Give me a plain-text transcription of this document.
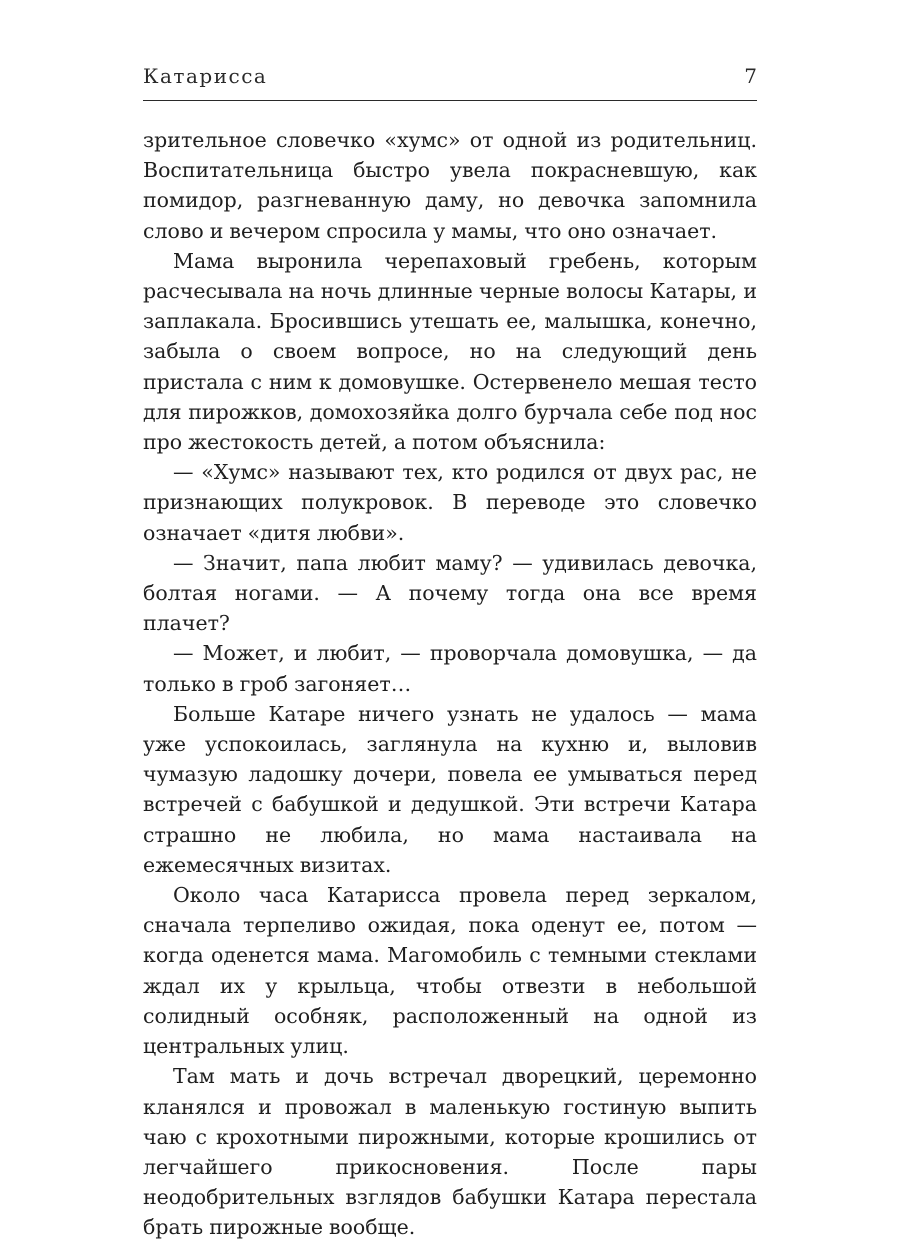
Катарисса	7

зрительное словечко «хумс» от одной из родительниц. Воспитательница быстро увела покрасневшую, как помидор, разгневанную даму, но девочка запомнила слово и вечером спросила у мамы, что оно означает.

Мама выронила черепаховый гребень, которым расчесывала на ночь длинные черные волосы Катары, и заплакала. Бросившись утешать ее, малышка, конечно, забыла о своем вопросе, но на следующий день пристала с ним к домовушке. Остервенело мешая тесто для пирожков, домохозяйка долго бурчала себе под нос про жестокость детей, а потом объяснила:

— «Хумс» называют тех, кто родился от двух рас, не признающих полукровок. В переводе это словечко означает «дитя любви».

— Значит, папа любит маму? — удивилась девочка, болтая ногами. — А почему тогда она все время плачет?

— Может, и любит, — проворчала домовушка, — да только в гроб загоняет…

Больше Катаре ничего узнать не удалось — мама уже успокоилась, заглянула на кухню и, выловив чумазую ладошку дочери, повела ее умываться перед встречей с бабушкой и дедушкой. Эти встречи Катара страшно не любила, но мама настаивала на ежемесячных визитах.

Около часа Катарисса провела перед зеркалом, сначала терпеливо ожидая, пока оденут ее, потом — когда оденется мама. Магомобиль с темными стеклами ждал их у крыльца, чтобы отвезти в небольшой солидный особняк, расположенный на одной из центральных улиц.

Там мать и дочь встречал дворецкий, церемонно кланялся и провожал в маленькую гостиную выпить чаю с крохотными пирожными, которые крошились от легчайшего прикосновения. После пары неодобрительных взглядов бабушки Катара перестала брать пирожные вообще.
